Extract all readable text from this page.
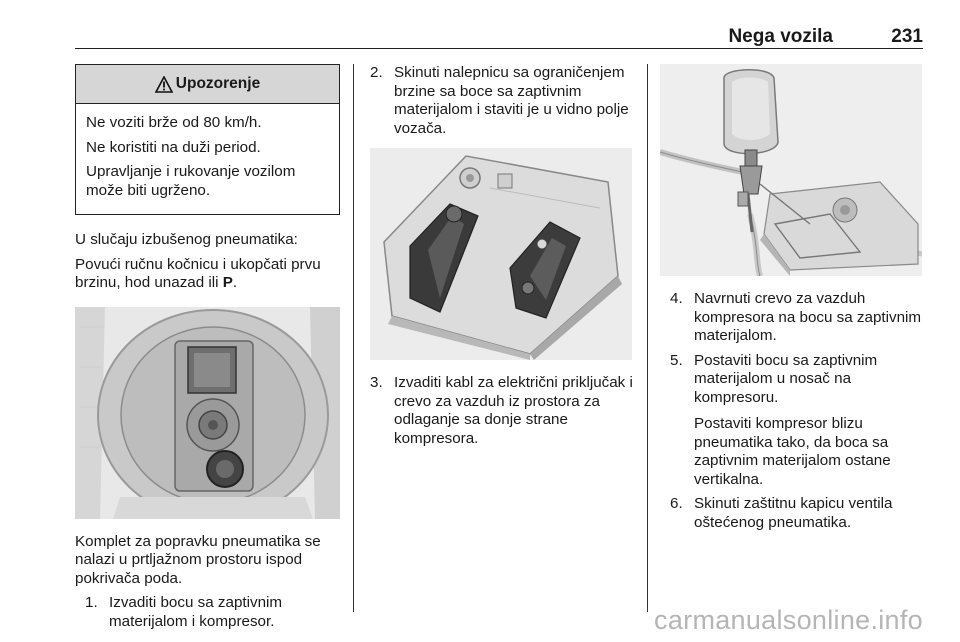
Nega vozila	231
Upozorenje

Ne voziti brže od 80 km/h.

Ne koristiti na duži period.

Upravljanje i rukovanje vozilom može biti ugrženo.

U slučaju izbušenog pneumatika:

Povući ručnu kočnicu i ukopčati prvu brzinu, hod unazad ili P.

Komplet za popravku pneumatika se nalazi u prtljažnom prostoru ispod pokrivača poda.

1. Izvaditi bocu sa zaptivnim materijalom i kompresor.
2. Skinuti nalepnicu sa ograničenjem brzine sa boce sa zaptivnim materijalom i staviti je u vidno polje vozača.
3. Izvaditi kabl za električni priključak i crevo za vazduh iz prostora za odlaganje sa donje strane kompresora.
4. Navrnuti crevo za vazduh kompresora na bocu sa zaptivnim materijalom.
5. Postaviti bocu sa zaptivnim materijalom u nosač na kompresoru.

Postaviti kompresor blizu pneumatika tako, da boca sa zaptivnim materijalom ostane vertikalna.

6. Skinuti zaštitnu kapicu ventila oštećenog pneumatika.
carmanualsonline.info
